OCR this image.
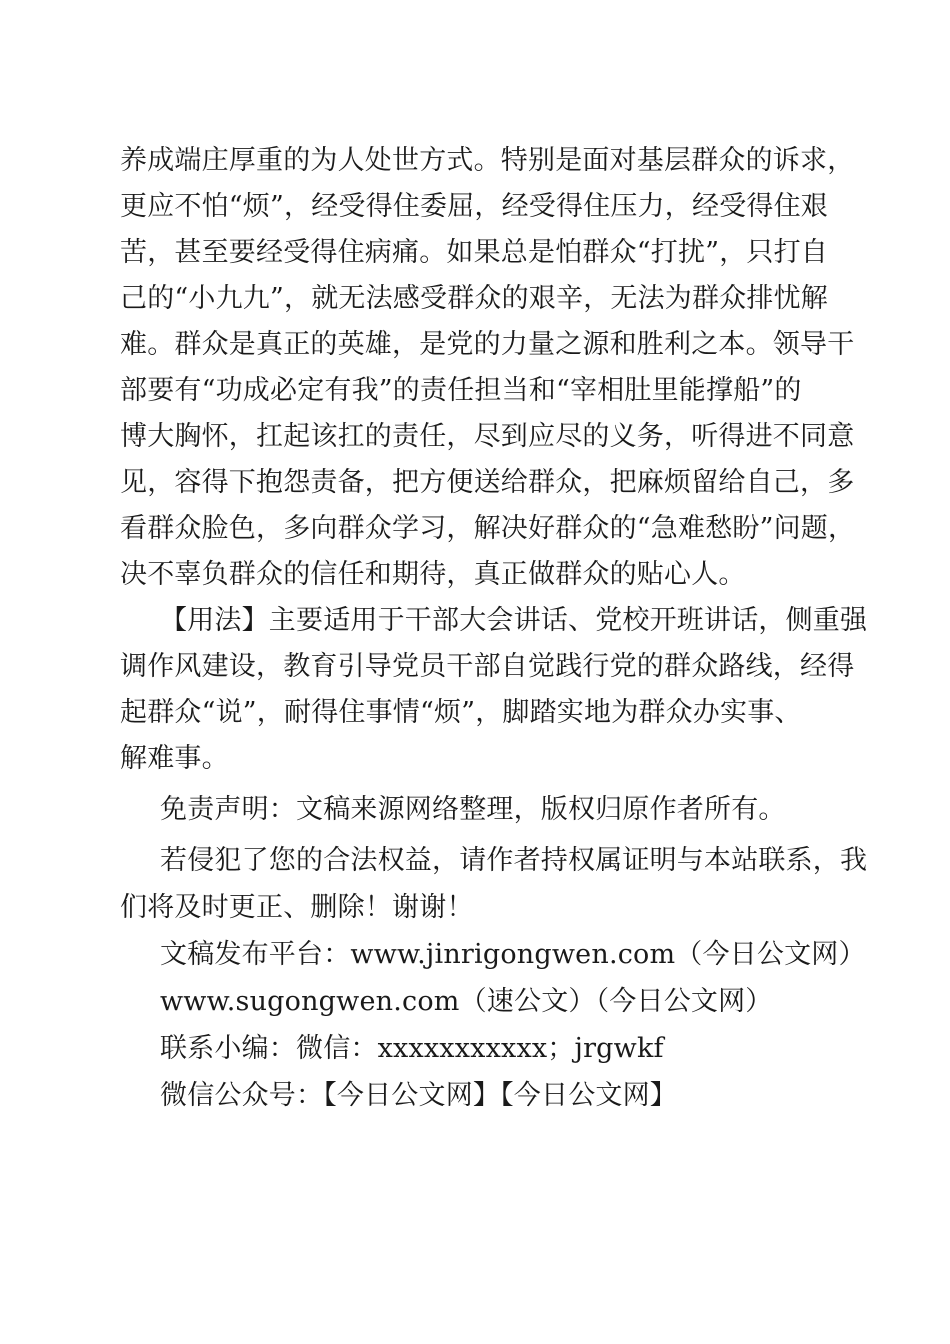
养成端庄厚重的为人处世方式。特别是面对基层群众的诉求，
更应不怕“烦”，经受得住委屈，经受得住压力，经受得住艰
苦，甚至要经受得住病痛。如果总是怕群众“打扰”，只打自
己的“小九九”，就无法感受群众的艰辛，无法为群众排忧解
难。群众是真正的英雄，是党的力量之源和胜利之本。领导干
部要有“功成必定有我”的责任担当和“宰相肚里能撑船”的
博大胸怀，扛起该扛的责任，尽到应尽的义务，听得进不同意
见，容得下抱怨责备，把方便送给群众，把麻烦留给自己，多
看群众脸色，多向群众学习，解决好群众的“急难愁盼”问题，
决不辜负群众的信任和期待，真正做群众的贴心人。
【用法】主要适用于干部大会讲话、党校开班讲话，侧重强
调作风建设，教育引导党员干部自觉践行党的群众路线，经得
起群众“说”，耐得住事情“烦”，脚踏实地为群众办实事、
解难事。
免责声明：文稿来源网络整理，版权归原作者所有。
若侵犯了您的合法权益，请作者持权属证明与本站联系，我
们将及时更正、删除！谢谢！
文稿发布平台：www.jinrigongwen.com（今日公文网）
www.sugongwen.com（速公文）（今日公文网）
联系小编：微信：xxxxxxxxxxx；jrgwkf
微信公众号：【今日公文网】【今日公文网】
